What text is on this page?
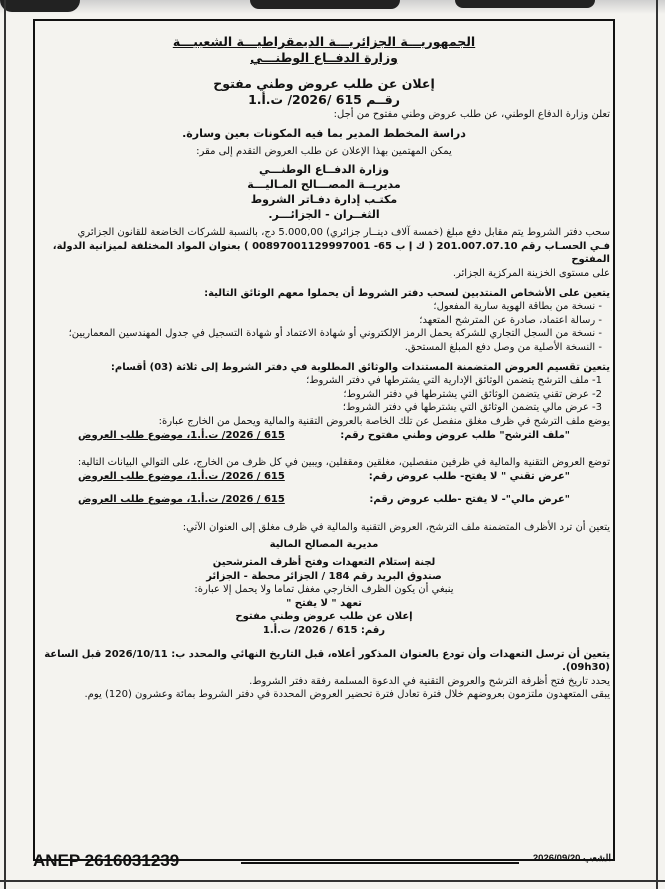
الجمهوريـــة الجزائريـــة الديمقراطيـــة الشعبيـــة

وزارة الدفــاع الوطنـــي

إعلان عن طلب عروض وطني مفتوح

رقــم 615 /2026/ ت.أ.1

تعلن وزارة الدفاع الوطني، عن طلب عروض وطني مفتوح من أجل:

دراسة المخطط المدير بما فيه المكونات بعين وسارة.

يمكن المهتمين بهذا الإعلان عن طلب العروض التقدم إلى مقر:

وزارة الدفــاع الوطنـــي

مديريــة المصـــالح المـاليـــة

مكتـب إدارة دفـاتر الشروط

الثغــران - الجزائـــر.

سحب دفتر الشروط يتم مقابل دفع مبلغ (خمسة آلاف دينــار جزائري) 5.000,00 دج، بالنسبة للشركات الخاضعة للقانون الجزائري

فـي الحسـاب رقم 201.007.07.10 ( ك إ ب 65- 00897001129997001 ) بعنوان المواد المختلفة لميزانية الدولة، المفتوح

على مستوى الخزينة المركزية الجزائر.

يتعين على الأشخاص المنتدبين لسحب دفتر الشروط أن يحملوا معهم الوثائق التالية:

- نسخة من بطاقة الهوية سارية المفعول؛

- رسالة اعتماد، صادرة عن المترشح المتعهد؛

- نسخة من السجل التجاري للشركة يحمل الرمز الإلكتروني أو شهادة الاعتماد أو شهادة التسجيل في جدول المهندسين المعماريين؛

- النسخة الأصلية من وصل دفع المبلغ المستحق.

يتعين تقسيم العروض المتضمنة المستندات والوثائق المطلوبة في دفتر الشروط إلى ثلاثة (03) أقسام:

1- ملف الترشح يتضمن الوثائق الإدارية التي يشترطها في دفتر الشروط؛

2- عرض تقني يتضمن الوثائق التي يشترطها في دفتر الشروط؛

3- عرض مالي يتضمن الوثائق التي يشترطها في دفتر الشروط؛

يوضع ملف الترشح في ظرف مغلق منفصل عن تلك الخاصة بالعروض التقنية والمالية ويحمل من الخارج عبارة:

"ملف الترشح" طلب عروض وطني مفتوح رقم:
615 / 2026/ ت.أ.1، موضوع طلب العروض

توضع العروض التقنية والمالية في ظرفين منفصلين، مغلقين ومقفلين، ويبين في كل ظرف من الخارج، على التوالي البيانات التالية:

"عرض تقني " لا يفتح- طلب عروض رقم:
615 / 2026/ ت.أ.1، موضوع طلب العروض
"عرض مالي"- لا يفتح -طلب عروض رقم:
615 / 2026/ ت.أ.1، موضوع طلب العروض

يتعين أن ترد الأظرف المتضمنة ملف الترشح، العروض التقنية والمالية في ظرف مغلق إلى العنوان الآتي:

مديرية المصالح المالية

لجنة إستلام التعهدات وفتح أظرف المترشحين

صندوق البريد رقم 184 / الجزائر محطة - الجزائر

ينبغي أن يكون الظرف الخارجي مغفل تماما ولا يحمل إلا عبارة:

تعهد " لا يفتح "

إعلان عن طلب عروض وطني مفتوح

رقم: 615 / 2026/ ت.أ.1

يتعين أن ترسل التعهدات وأن تودع بالعنوان المذكور أعلاه، قبل التاريخ النهائي والمحدد ب: 2026/10/11 قبل الساعة (09h30).

يحدد تاريخ فتح أظرفة الترشح والعروض التقنية في الدعوة المسلمة رفقة دفتر الشروط.

يبقى المتعهدون ملتزمون بعروضهم خلال فترة تعادل فترة تحضير العروض المحددة في دفتر الشروط بمائة وعشرون (120) يوم.

ANEP 2616031239	الشعب 2026/09/20
